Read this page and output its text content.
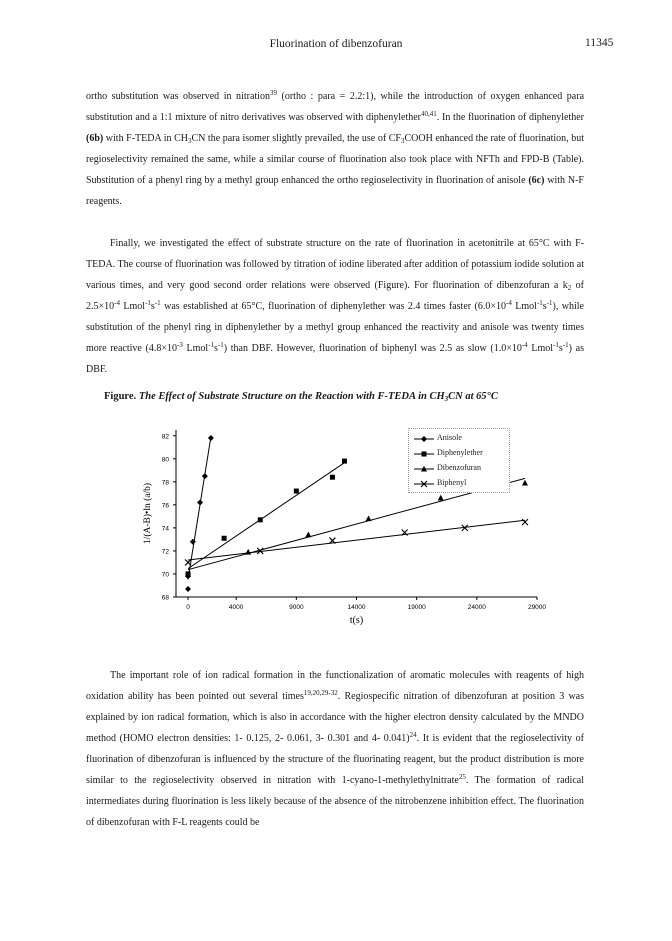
Fluorination of dibenzofuran	11345
ortho substitution was observed in nitration$^{39}$ (ortho : para = 2.2:1), while the introduction of oxygen enhanced para substitution and a 1:1 mixture of nitro derivatives was observed with diphenylether$^{40,41}$. In the fluorination of diphenylether (6b) with F-TEDA in $CH_3CN$ the para isomer slightly prevailed, the use of $CF_3COOH$ enhanced the rate of fluorination, but regioselectivity remained the same, while a similar course of fluorination also took place with NFTh and FPD-B (Table). Substitution of a phenyl ring by a methyl group enhanced the ortho regioselectivity in fluorination of anisole (6c) with N-F reagents.
Finally, we investigated the effect of substrate structure on the rate of fluorination in acetonitrile at 65°C with F-TEDA. The course of fluorination was followed by titration of iodine liberated after addition of potassium iodide solution at various times, and very good second order relations were observed (Figure). For fluorination of dibenzofuran a $k_2$ of $2.5\times 10^{-4}$ $Lmol^{-1}s^{-1}$ was established at 65°C, fluorination of diphenylether was 2.4 times faster ($6.0\times 10^{-4}$ $Lmol^{-1}s^{-1}$), while substitution of the phenyl ring in diphenylether by a methyl group enhanced the reactivity and anisole was twenty times more reactive ($4.8\times 10^{-3}$ $Lmol^{-1}s^{-1}$) than DBF. However, fluorination of biphenyl was 2.5 as slow ($1.0\times 10^{-4}$ $Lmol^{-1}s^{-1}$) as DBF.
Figure. The Effect of Substrate Structure on the Reaction with F-TEDA in $CH_3CN$ at 65°C
68
70
72
74
76
78
80
82
0	4000	9000	14000	19000	24000	29000
t(s)
1/(A-B)•ln (a/b)
Anisole
Diphenylether
Dibenzofuran
Biphenyl
The important role of ion radical formation in the functionalization of aromatic molecules with reagents of high oxidation ability has been pointed out several times$^{19,20,29-32}$. Regiospecific nitration of dibenzofuran at position 3 was explained by ion radical formation, which is also in accordance with the higher electron density calculated by the MNDO method (HOMO electron densities: 1- 0.125, 2- 0.061, 3- 0.301 and 4- 0.041)$^{24}$. It is evident that the regioselectivity of fluorination of dibenzofuran is influenced by the structure of the fluorinating reagent, but the product distribution is more similar to the regioselectivity observed in nitration with 1-cyano-1-methylethylnitrate$^{25}$. The formation of radical intermediates during fluorination is less likely because of the absence of the nitrobenzene inhibition effect. The fluorination of dibenzofuran with F-L reagents could be
